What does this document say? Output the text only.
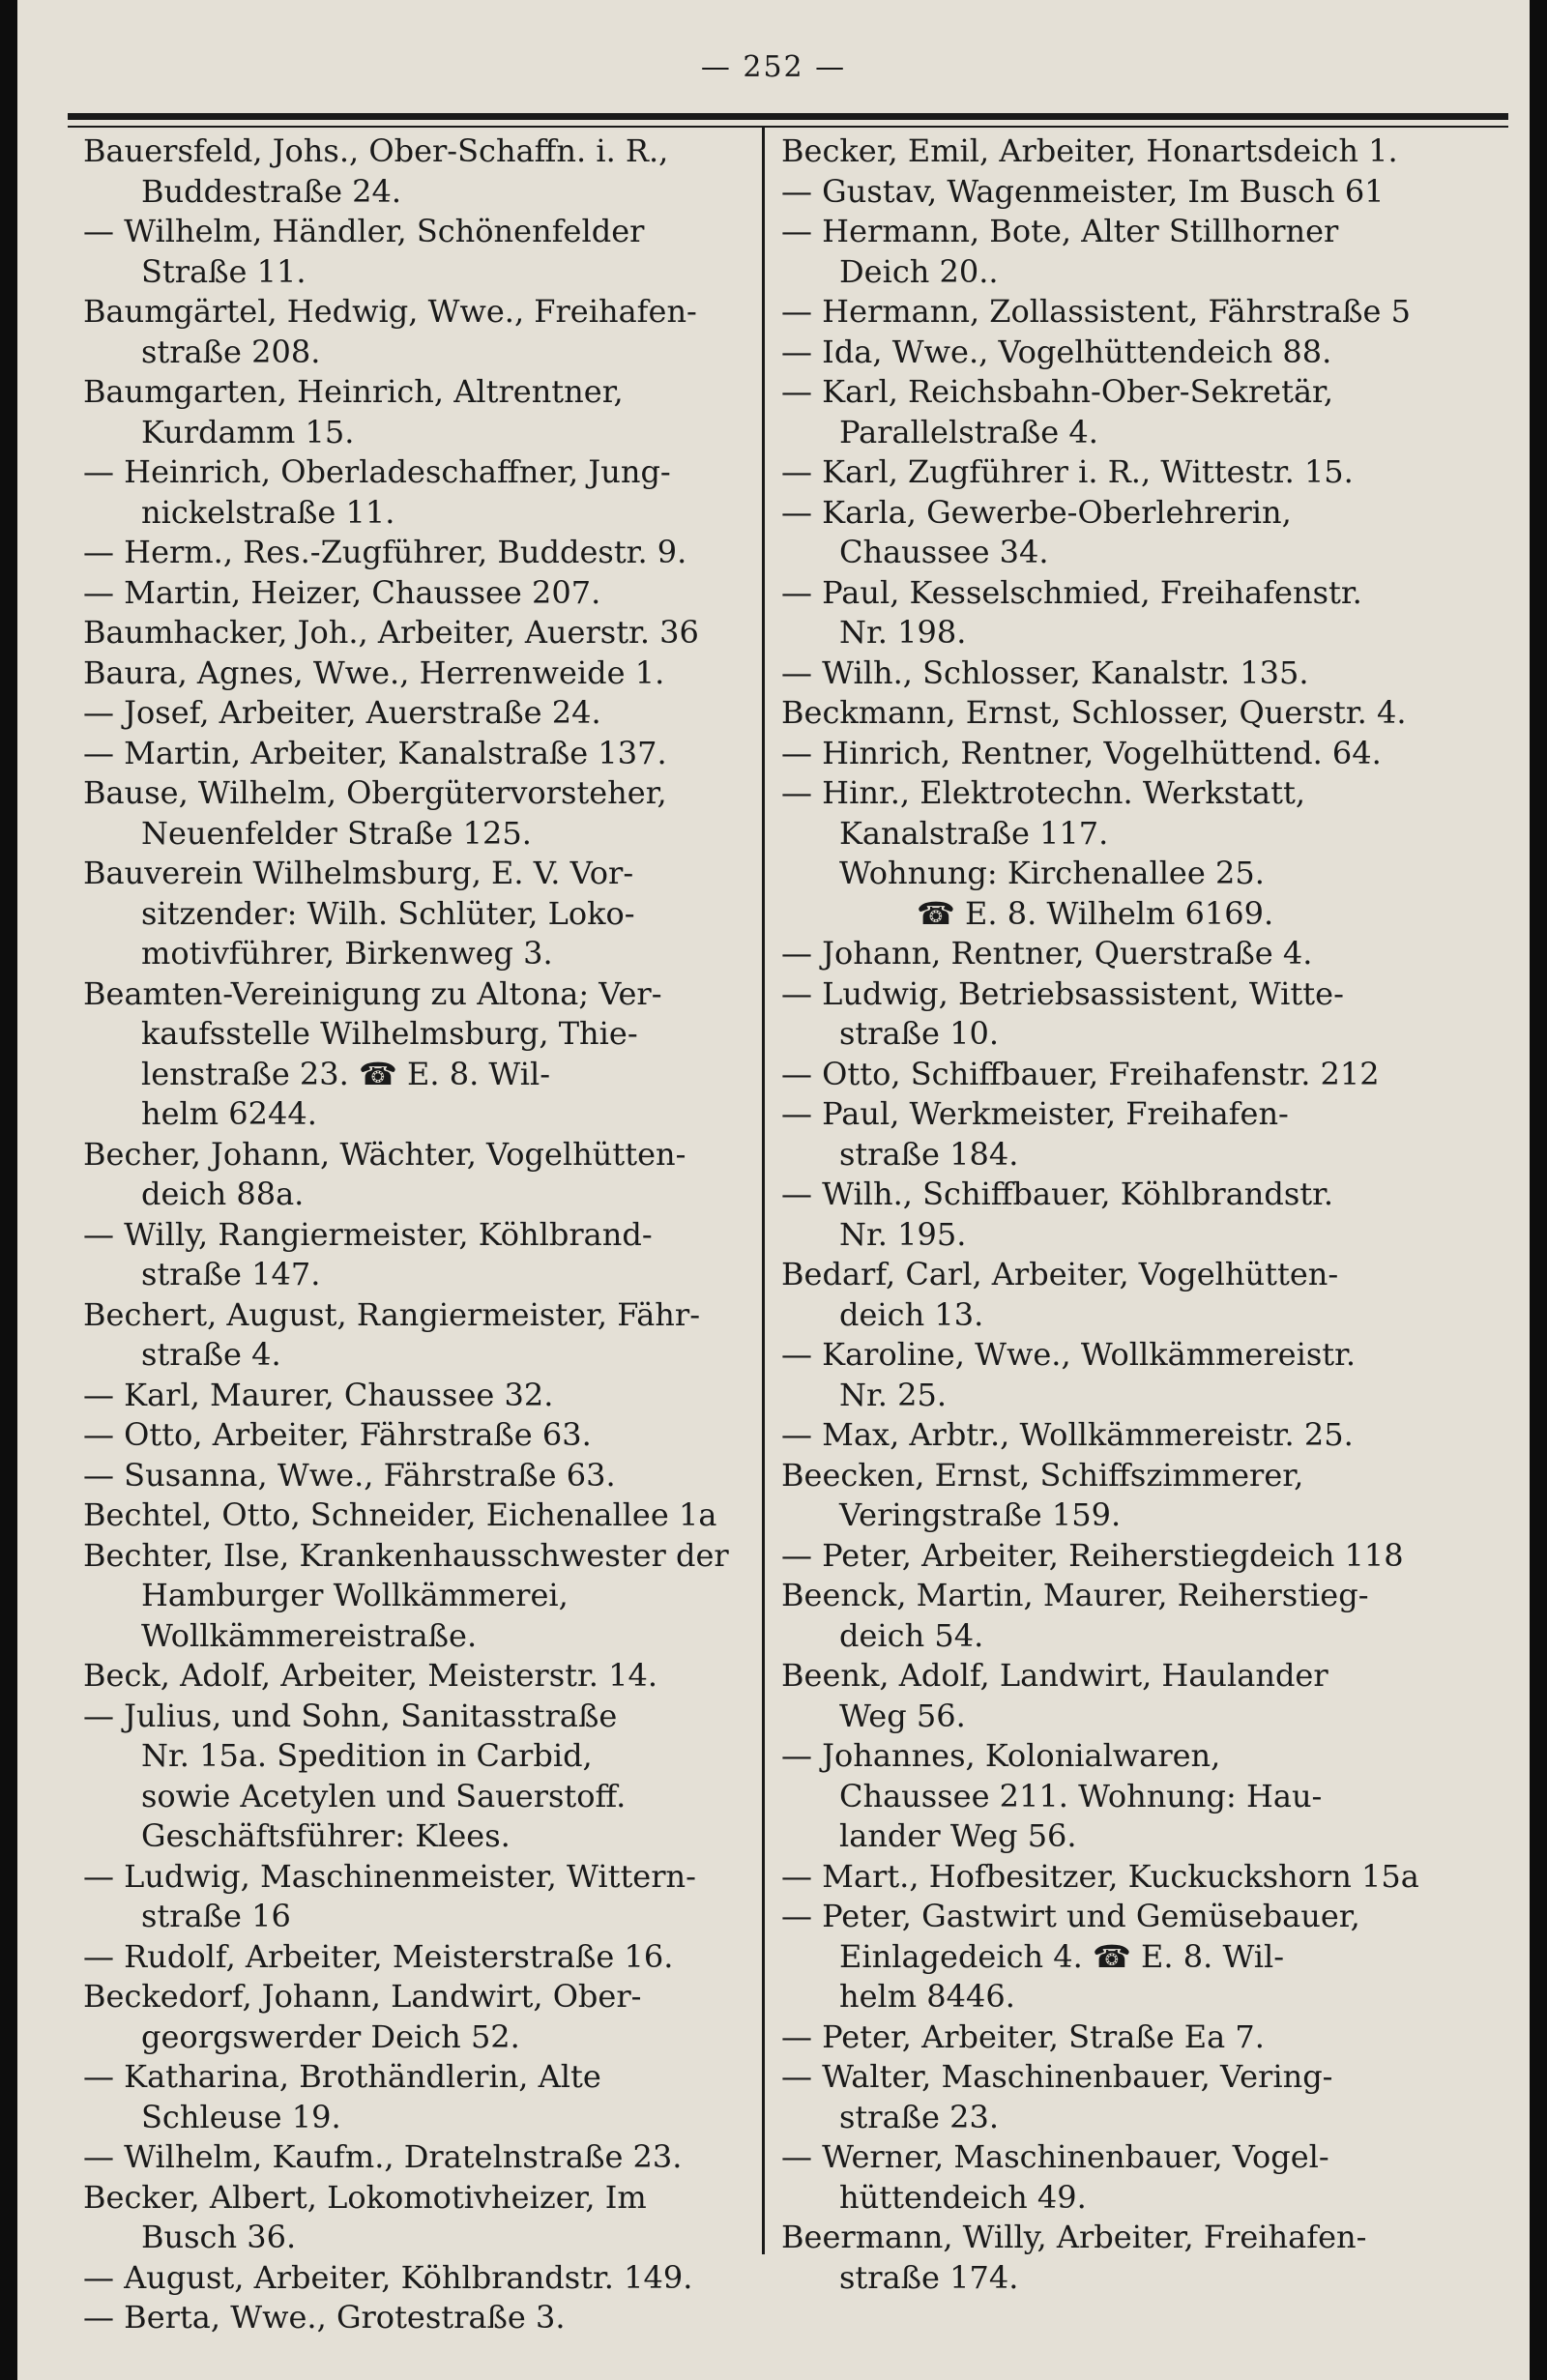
— 252 —
Bauersfeld, Johs., Ober-Schaffn. i. R.,
Buddestraße 24.
— Wilhelm, Händler, Schönenfelder
Straße 11.
Baumgärtel, Hedwig, Wwe., Freihafen-
straße 208.
Baumgarten, Heinrich, Altrentner,
Kurdamm 15.
— Heinrich, Oberladeschaffner, Jung-
nickelstraße 11.
— Herm., Res.-Zugführer, Buddestr. 9.
— Martin, Heizer, Chaussee 207.
Baumhacker, Joh., Arbeiter, Auerstr. 36
Baura, Agnes, Wwe., Herrenweide 1.
— Josef, Arbeiter, Auerstraße 24.
— Martin, Arbeiter, Kanalstraße 137.
Bause, Wilhelm, Obergütervorsteher,
Neuenfelder Straße 125.
Bauverein Wilhelmsburg, E. V. Vor-
sitzender: Wilh. Schlüter, Loko-
motivführer, Birkenweg 3.
Beamten-Vereinigung zu Altona; Ver-
kaufsstelle Wilhelmsburg, Thie-
lenstraße 23. ☎ E. 8. Wil-
helm 6244.
Becher, Johann, Wächter, Vogelhütten-
deich 88a.
— Willy, Rangiermeister, Köhlbrand-
straße 147.
Bechert, August, Rangiermeister, Fähr-
straße 4.
— Karl, Maurer, Chaussee 32.
— Otto, Arbeiter, Fährstraße 63.
— Susanna, Wwe., Fährstraße 63.
Bechtel, Otto, Schneider, Eichenallee 1a
Bechter, Ilse, Krankenhausschwester der
Hamburger Wollkämmerei,
Wollkämmereistraße.
Beck, Adolf, Arbeiter, Meisterstr. 14.
— Julius, und Sohn, Sanitasstraße
Nr. 15a. Spedition in Carbid,
sowie Acetylen und Sauerstoff.
Geschäftsführer: Klees.
— Ludwig, Maschinenmeister, Wittern-
straße 16
— Rudolf, Arbeiter, Meisterstraße 16.
Beckedorf, Johann, Landwirt, Ober-
georgswerder Deich 52.
— Katharina, Brothändlerin, Alte
Schleuse 19.
— Wilhelm, Kaufm., Dratelnstraße 23.
Becker, Albert, Lokomotivheizer, Im
Busch 36.
— August, Arbeiter, Köhlbrandstr. 149.
— Berta, Wwe., Grotestraße 3.
Becker, Emil, Arbeiter, Honartsdeich 1.
— Gustav, Wagenmeister, Im Busch 61
— Hermann, Bote, Alter Stillhorner
Deich 20..
— Hermann, Zollassistent, Fährstraße 5
— Ida, Wwe., Vogelhüttendeich 88.
— Karl, Reichsbahn-Ober-Sekretär,
Parallelstraße 4.
— Karl, Zugführer i. R., Wittestr. 15.
— Karla, Gewerbe-Oberlehrerin,
Chaussee 34.
— Paul, Kesselschmied, Freihafenstr.
Nr. 198.
— Wilh., Schlosser, Kanalstr. 135.
Beckmann, Ernst, Schlosser, Querstr. 4.
— Hinrich, Rentner, Vogelhüttend. 64.
— Hinr., Elektrotechn. Werkstatt,
Kanalstraße 117.
Wohnung: Kirchenallee 25.
☎ E. 8. Wilhelm 6169.
— Johann, Rentner, Querstraße 4.
— Ludwig, Betriebsassistent, Witte-
straße 10.
— Otto, Schiffbauer, Freihafenstr. 212
— Paul, Werkmeister, Freihafen-
straße 184.
— Wilh., Schiffbauer, Köhlbrandstr.
Nr. 195.
Bedarf, Carl, Arbeiter, Vogelhütten-
deich 13.
— Karoline, Wwe., Wollkämmereistr.
Nr. 25.
— Max, Arbtr., Wollkämmereistr. 25.
Beecken, Ernst, Schiffszimmerer,
Veringstraße 159.
— Peter, Arbeiter, Reiherstiegdeich 118
Beenck, Martin, Maurer, Reiherstieg-
deich 54.
Beenk, Adolf, Landwirt, Haulander
Weg 56.
— Johannes, Kolonialwaren,
Chaussee 211. Wohnung: Hau-
lander Weg 56.
— Mart., Hofbesitzer, Kuckuckshorn 15a
— Peter, Gastwirt und Gemüsebauer,
Einlagedeich 4. ☎ E. 8. Wil-
helm 8446.
— Peter, Arbeiter, Straße Ea 7.
— Walter, Maschinenbauer, Vering-
straße 23.
— Werner, Maschinenbauer, Vogel-
hüttendeich 49.
Beermann, Willy, Arbeiter, Freihafen-
straße 174.
